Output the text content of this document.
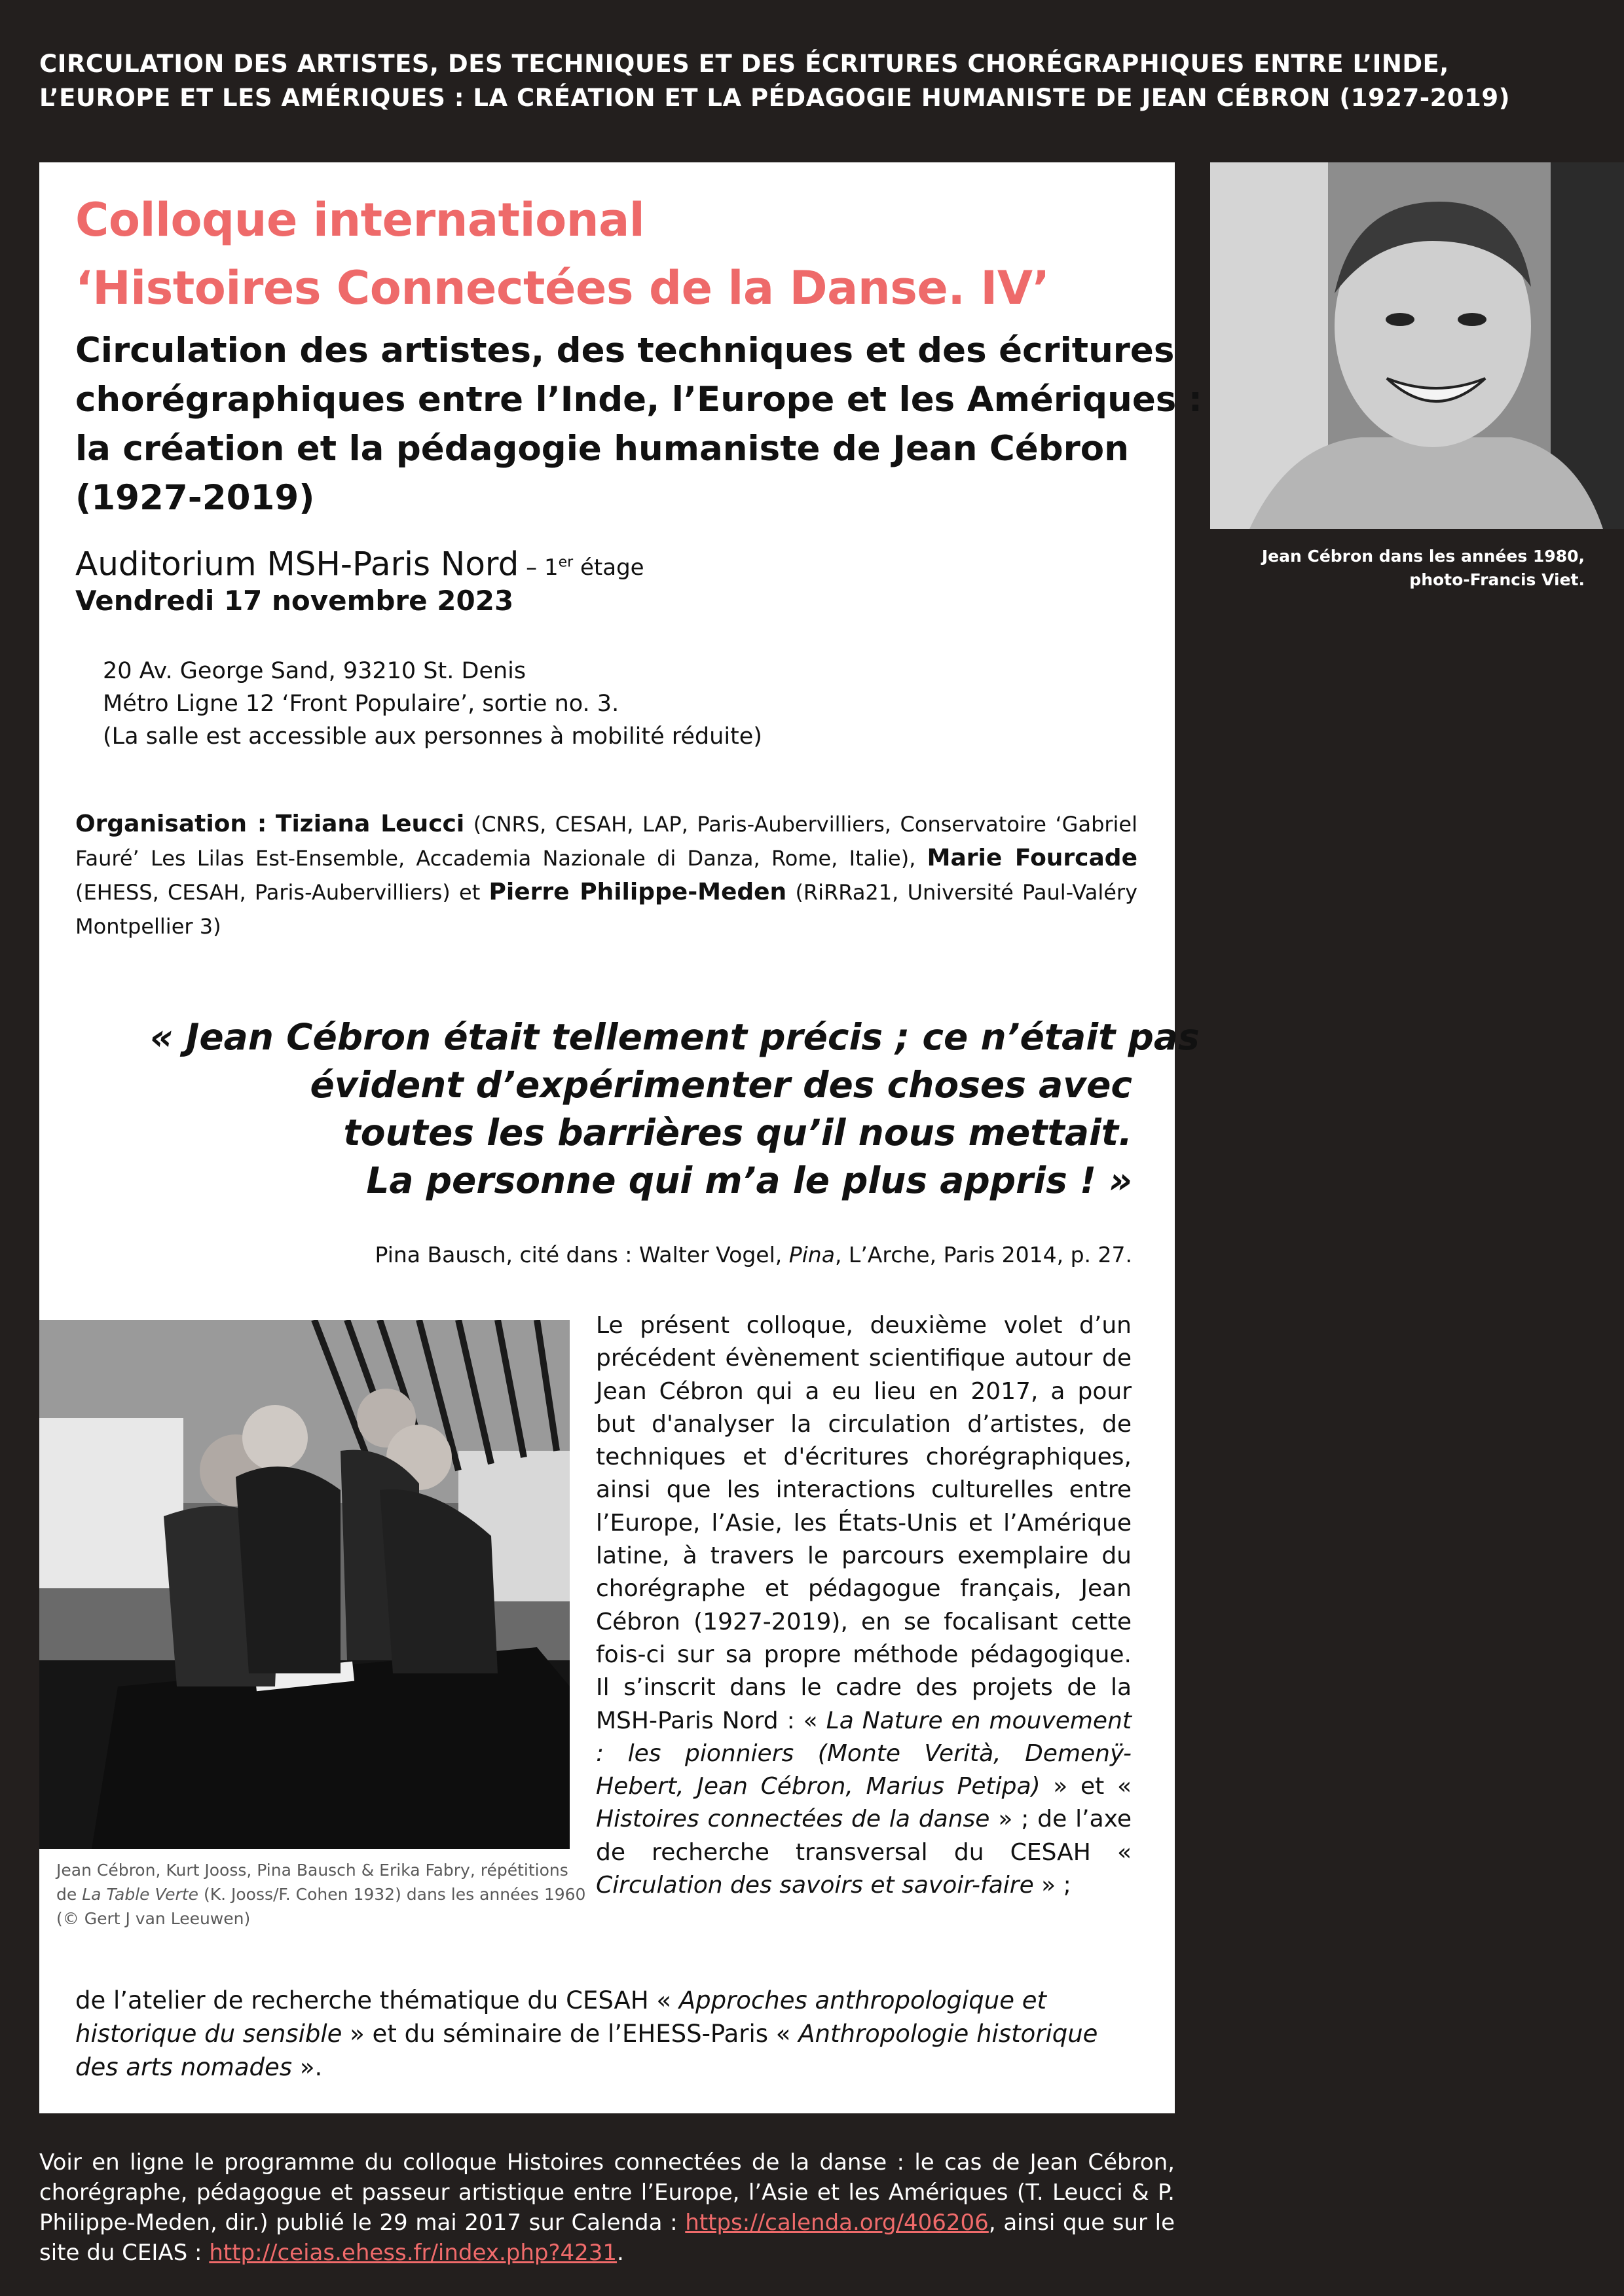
CIRCULATION DES ARTISTES, DES TECHNIQUES ET DES ÉCRITURES CHORÉGRAPHIQUES ENTRE L’INDE,
L’EUROPE ET LES AMÉRIQUES : LA CRÉATION ET LA PÉDAGOGIE HUMANISTE DE JEAN CÉBRON (1927-2019)
Colloque international
‘Histoires Connectées de la Danse. IV’
Circulation des artistes, des techniques et des écritures
chorégraphiques entre l’Inde, l’Europe et les Amériques :
la création et la pédagogie humaniste de Jean Cébron
(1927-2019)
Auditorium MSH-Paris Nord – 1er étage
Vendredi 17 novembre 2023
20 Av. George Sand, 93210 St. Denis
Métro Ligne 12 ‘Front Populaire’, sortie no. 3.
(La salle est accessible aux personnes à mobilité réduite)
Organisation : Tiziana Leucci (CNRS, CESAH, LAP, Paris-Aubervilliers, Conservatoire ‘Gabriel Fauré’ Les Lilas Est-Ensemble, Accademia Nazionale di Danza, Rome, Italie), Marie Fourcade (EHESS, CESAH, Paris-Aubervilliers) et Pierre Philippe-Meden (RiRRa21, Université Paul-Valéry Montpellier 3)
« Jean Cébron était tellement précis ; ce n’était pas
évident d’expérimenter des choses avec
toutes les barrières qu’il nous mettait.
La personne qui m’a le plus appris ! »
Pina Bausch, cité dans : Walter Vogel, Pina, L’Arche, Paris 2014, p. 27.
Jean Cébron, Kurt Jooss, Pina Bausch & Erika Fabry, répétitions
de La Table Verte (K. Jooss/F. Cohen 1932) dans les années 1960
(© Gert J van Leeuwen)
Le présent colloque, deuxième volet d’un précédent évènement scientifique autour de Jean Cébron qui a eu lieu en 2017, a pour but d'analyser la circulation d’artistes, de techniques et d'écritures chorégraphiques, ainsi que les interactions culturelles entre l’Europe, l’Asie, les États-Unis et l’Amérique latine, à travers le parcours exemplaire du chorégraphe et pédagogue français, Jean Cébron (1927-2019), en se focalisant cette fois-ci sur sa propre méthode pédagogique. Il s’inscrit dans le cadre des projets de la MSH-Paris Nord : « La Nature en mouvement : les pionniers (Monte Verità, Demenÿ-Hebert, Jean Cébron, Marius Petipa) » et « Histoires connectées de la danse » ; de l’axe de recherche transversal du CESAH « Circulation des savoirs et savoir-faire » ;
de l’atelier de recherche thématique du CESAH « Approches anthropologique et historique du sensible » et du séminaire de l’EHESS-Paris « Anthropologie historique des arts nomades ».
Jean Cébron dans les années 1980,
photo-Francis Viet.
Voir en ligne le programme du colloque Histoires connectées de la danse : le cas de Jean Cébron, chorégraphe, pédagogue et passeur artistique entre l’Europe, l’Asie et les Amériques (T. Leucci & P. Philippe-Meden, dir.) publié le 29 mai 2017 sur Calenda : https://calenda.org/406206, ainsi que sur le site du CEIAS : http://ceias.ehess.fr/index.php?4231.
